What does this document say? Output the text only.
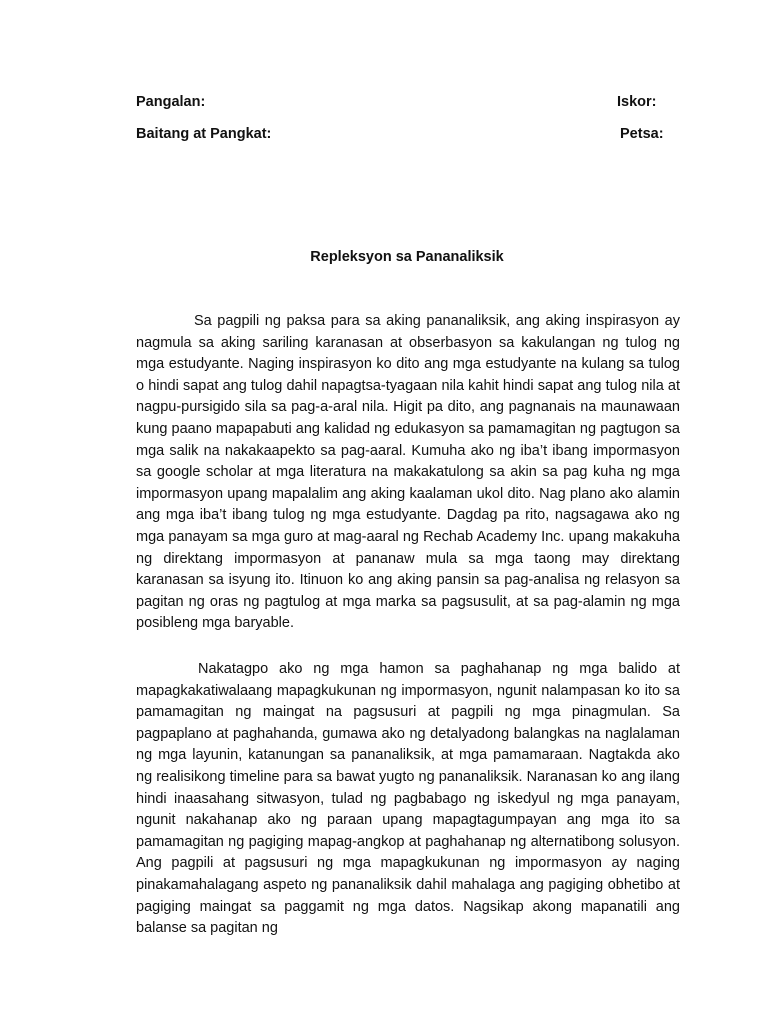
Pangalan:	Iskor:
Baitang at Pangkat:	Petsa:
Repleksyon sa Pananaliksik

Sa pagpili ng paksa para sa aking pananaliksik, ang aking inspirasyon ay nagmula sa aking sariling karanasan at obserbasyon sa kakulangan ng tulog ng mga estudyante. Naging inspirasyon ko dito ang mga estudyante na kulang sa tulog o hindi sapat ang tulog dahil napagtsa-tyagaan nila kahit hindi sapat ang tulog nila at nagpu-pursigido sila sa pag-a-aral nila. Higit pa dito, ang pagnanais na maunawaan kung paano mapapabuti ang kalidad ng edukasyon sa pamamagitan ng pagtugon sa mga salik na nakakaapekto sa pag-aaral. Kumuha ako ng iba’t ibang impormasyon sa google scholar at mga literatura na makakatulong sa akin sa pag kuha ng mga impormasyon upang mapalalim ang aking kaalaman ukol dito. Nag plano ako alamin ang mga iba’t ibang tulog ng mga estudyante. Dagdag pa rito, nagsagawa ako ng mga panayam sa mga guro at mag-aaral ng Rechab Academy Inc. upang makakuha ng direktang impormasyon at pananaw mula sa mga taong may direktang karanasan sa isyung ito. Itinuon ko ang aking pansin sa pag-analisa ng relasyon sa pagitan ng oras ng pagtulog at mga marka sa pagsusulit, at sa pag-alamin ng mga posibleng mga baryable.

Nakatagpo ako ng mga hamon sa paghahanap ng mga balido at mapagkakatiwalaang mapagkukunan ng impormasyon, ngunit nalampasan ko ito sa pamamagitan ng maingat na pagsusuri at pagpili ng mga pinagmulan. Sa pagpaplano at paghahanda, gumawa ako ng detalyadong balangkas na naglalaman ng mga layunin, katanungan sa pananaliksik, at mga pamamaraan. Nagtakda ako ng realisikong timeline para sa bawat yugto ng pananaliksik. Naranasan ko ang ilang hindi inaasahang sitwasyon, tulad ng pagbabago ng iskedyul ng mga panayam, ngunit nakahanap ako ng paraan upang mapagtagumpayan ang mga ito sa pamamagitan ng pagiging mapag-angkop at paghahanap ng alternatibong solusyon. Ang pagpili at pagsusuri ng mga mapagkukunan ng impormasyon ay naging pinakamahalagang aspeto ng pananaliksik dahil mahalaga ang pagiging obhetibo at pagiging maingat sa paggamit ng mga datos. Nagsikap akong mapanatili ang balanse sa pagitan ng
